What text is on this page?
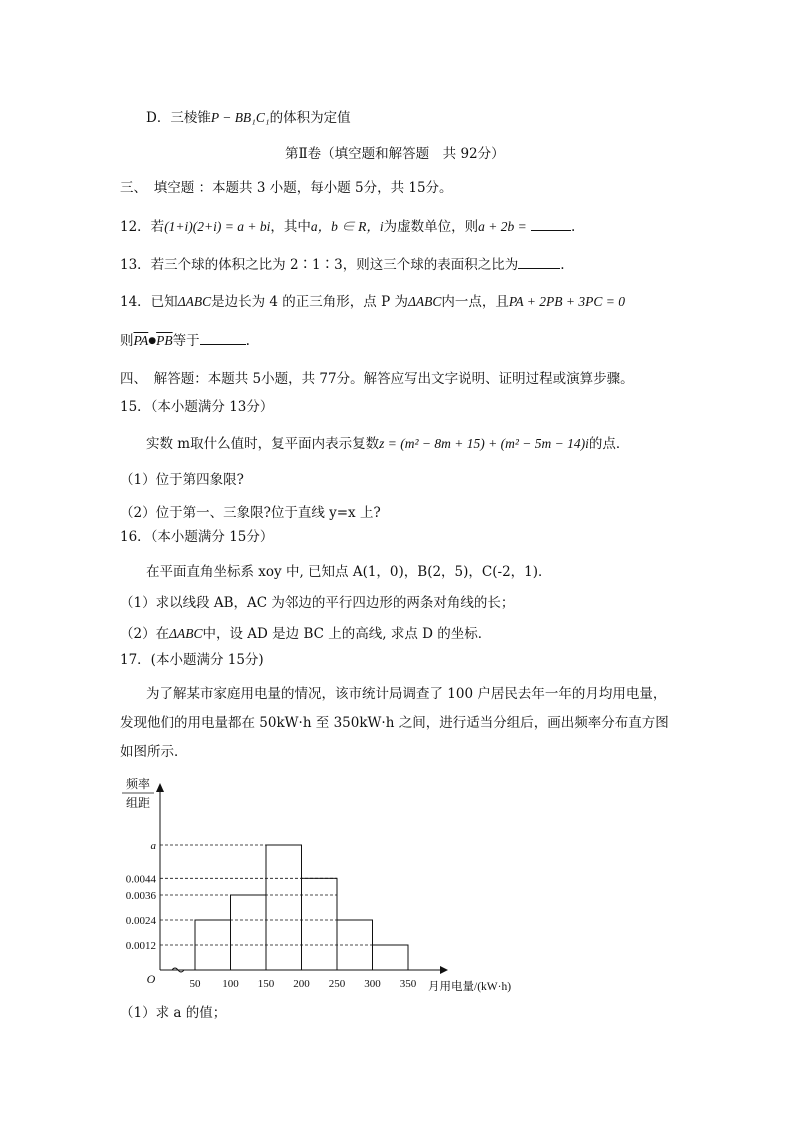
D．三棱锥P − BB₁C₁的体积为定值
第Ⅱ卷（填空题和解答题　共 92分）
三、　填空题 ：本题共 3 小题，每小题 5分，共 15分。
12．若(1+i)(2+i) = a + bi，其中a，b ∈ R，i为虚数单位，则a + 2b =	.
13．若三个球的体积之比为 2∶1∶3，则这三个球的表面积之比为	.
14．已知ΔABC是边长为 4 的正三角形，点 P 为ΔABC内一点，且PA + 2PB + 3PC = 0
则$\overline{PA}●\overline{PB}$等于	.
四、　解答题：本题共 5小题，共 77分。解答应写出文字说明、证明过程或演算步骤。
15．（本小题满分 13分）
实数 m取什么值时，复平面内表示复数z = (m² − 8m + 15) + (m² − 5m − 14)i的点．
（1）位于第四象限?
（2）位于第一、三象限?位于直线 y=x 上?
16．（本小题满分 15分）
在平面直角坐标系 xoy 中, 已知点 A(1，0)，B(2，5)，C(-2，1)．
（1）求以线段 AB，AC 为邻边的平行四边形的两条对角线的长；
（2）在ΔABC中，设 AD 是边 BC 上的高线, 求点 D 的坐标．
17．(本小题满分 15分)
为了解某市家庭用电量的情况，该市统计局调查了 100 户居民去年一年的月均用电量，
发现他们的用电量都在 50kW·h 至 350kW·h 之间，进行适当分组后，画出频率分布直方图
如图所示．
0.0012
0.0024
0.0036
0.0044
a
50 100 150 200 250 300 350
O
频率
组距
月用电量/(kW·h)
（1）求 a 的值；
